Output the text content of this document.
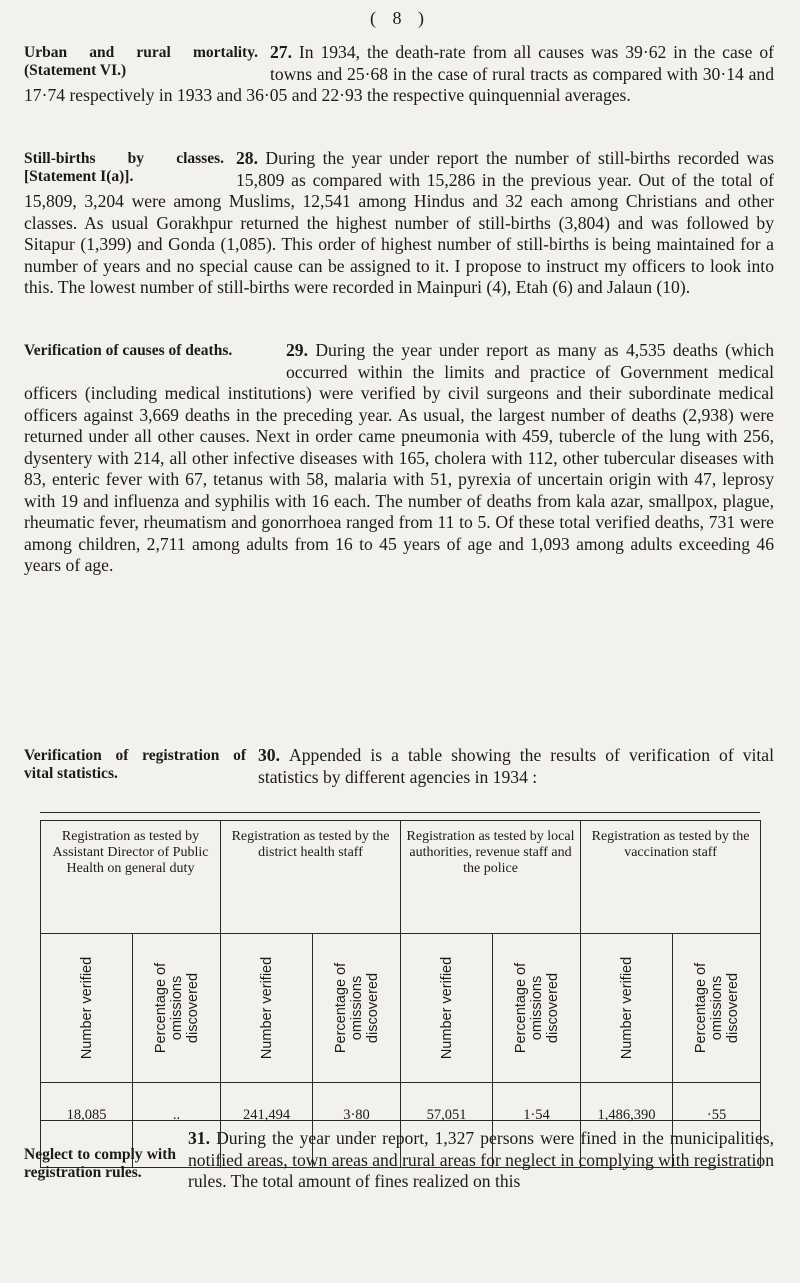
( 8 )
27.
Urban and rural mortality. (Statement VI.)
In 1934, the death-rate from all causes was 39·62 in the case of towns and 25·68 in the case of rural tracts as compared with 30·14 and 17·74 respectively in 1933 and 36·05 and 22·93 the respective quinquennial averages.
28.
Still-births by classes. [Statement I(a)].
During the year under report the number of still-births recorded was 15,809 as compared with 15,286 in the previous year. Out of the total of 15,809, 3,204 were among Muslims, 12,541 among Hindus and 32 each among Christians and other classes. As usual Gorakhpur returned the highest number of still-births (3,804) and was followed by Sitapur (1,399) and Gonda (1,085). This order of highest number of still-births is being maintained for a number of years and no special cause can be assigned to it. I propose to instruct my officers to look into this. The lowest number of still-births were recorded in Mainpuri (4), Etah (6) and Jalaun (10).
29.
Verification of causes of deaths.	During the year under report as many as 4,535 deaths (which occurred within the limits and practice of Government medical officers (including medical institutions) were verified by civil surgeons and their subordinate medical officers against 3,669 deaths in the preceding year. As usual, the largest number of deaths (2,938) were returned under all other causes. Next in order came pneumonia with 459, tubercle of the lung with 256, dysentery with 214, all other infective diseases with 165, cholera with 112, other tubercular diseases with 83, enteric fever with 67, tetanus with 58, malaria with 51, pyrexia of uncertain origin with 47, leprosy with 19 and influenza and syphilis with 16 each. The number of deaths from kala azar, smallpox, plague, rheumatic fever, rheumatism and gonorrhoea ranged from 11 to 5. Of these total verified deaths, 731 were among children, 2,711 among adults from 16 to 45 years of age and 1,093 among adults exceeding 46 years of age.
30.
Verification of registration of vital statistics.
Appended is a table showing the results of verification of vital statistics by different agencies in 1934 :
Registration as tested by Assistant Director of Public Health on general duty		Registration as tested by the district health staff		Registration as tested by local authorities, revenue staff and the police		Registration as tested by the vaccination staff	

Number verified	Percentage of omissions discovered	Number verified	Percentage of omissions discovered	Number verified	Percentage of omissions discovered	Number verified	Percentage of omissions discovered

18,085	..	241,494	3·80	57,051	1·54	1,486,390	·55
31.
Neglect to comply with registration rules.
During the year under report, 1,327 persons were fined in the municipalities, notified areas, town areas and rural areas for neglect in complying with registration rules. The total amount of fines realized on this
